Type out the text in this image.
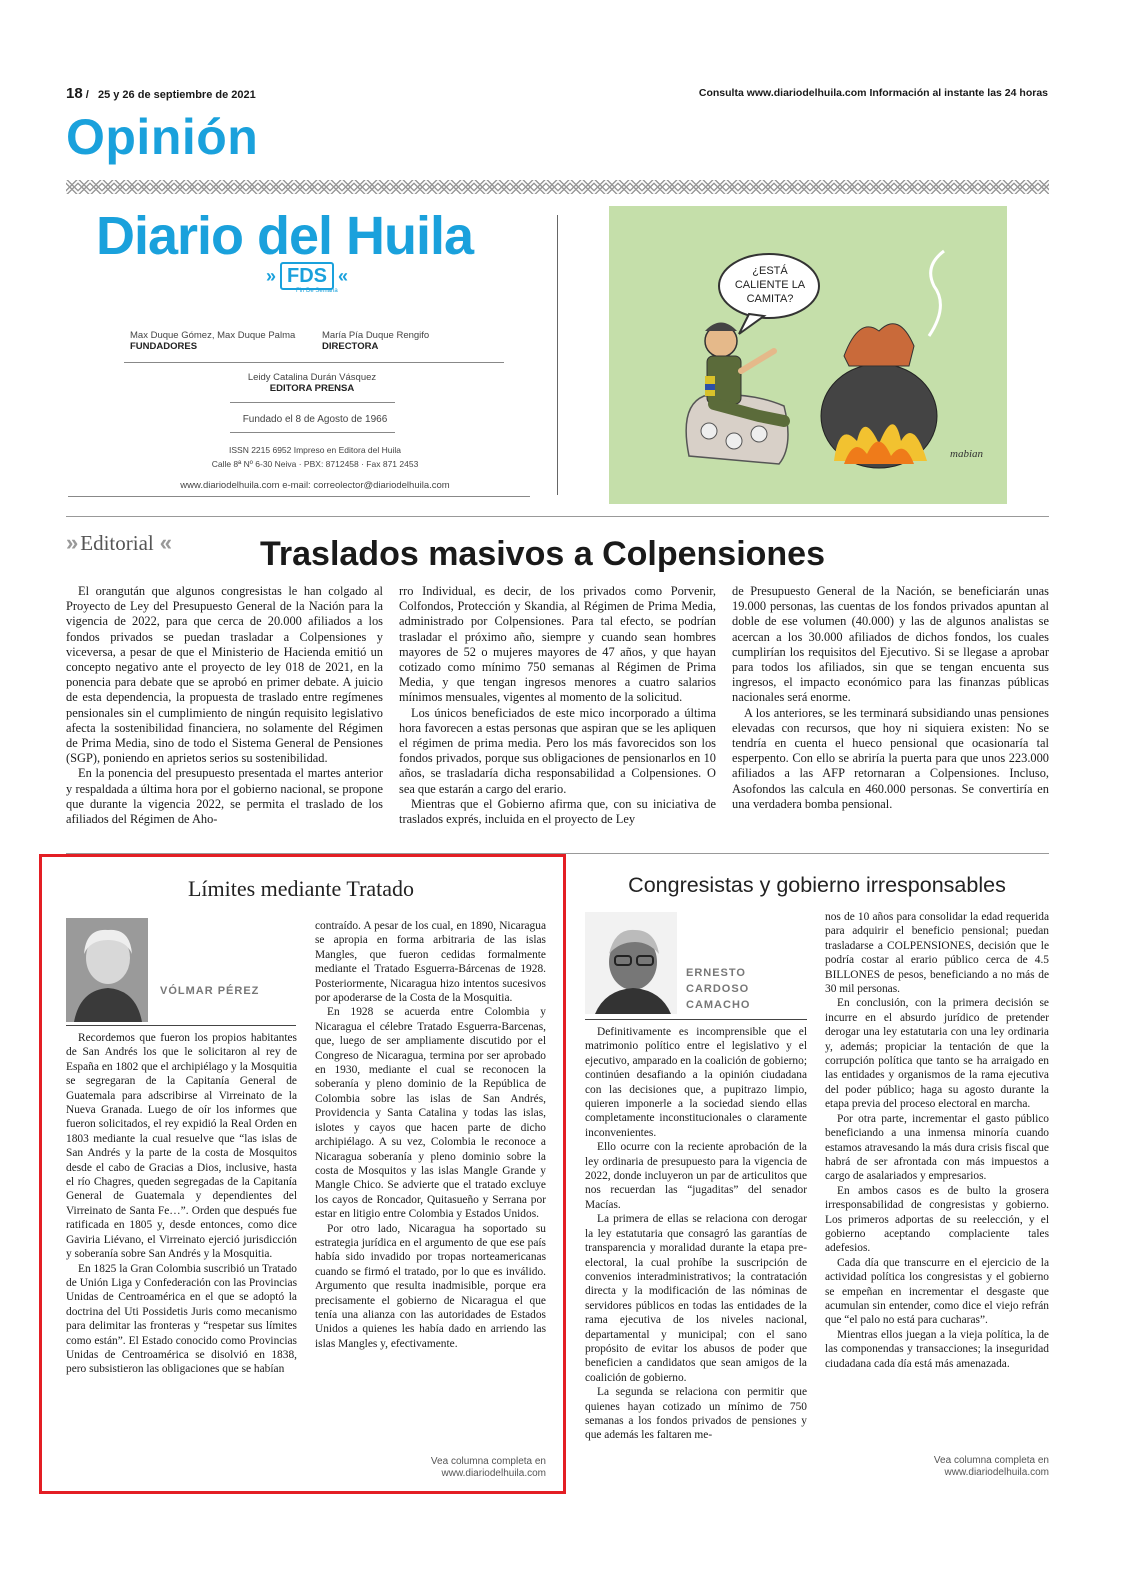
18 /   25 y 26 de septiembre de 2021	Consulta www.diariodelhuila.com Información al instante las 24 horas
Opinión
Diario del Huila
» FDS «
Fin De Semana
Max Duque Gómez, Max Duque Palma
FUNDADORES
María Pía Duque Rengifo
DIRECTORA
Leidy Catalina Durán Vásquez
EDITORA PRENSA
Fundado el 8 de Agosto de 1966
ISSN 2215 6952 Impreso en Editora del Huila
Calle 8ª Nº 6-30 Neiva · PBX: 8712458 · Fax 871 2453
www.diariodelhuila.com e-mail: correolector@diariodelhuila.com
¿ESTÁ CALIENTE LA CAMITA?
mabian
» Editorial «	Traslados masivos a Colpensiones

El orangután que algunos congresistas le han colgado al Proyecto de Ley del Presupuesto General de la Nación para la vigencia de 2022, para que cerca de 20.000 afiliados a los fondos privados se puedan trasladar a Colpensiones y viceversa, a pesar de que el Ministerio de Hacienda emitió un concepto negativo ante el proyecto de ley 018 de 2021, en la ponencia para debate que se aprobó en primer debate. A juicio de esta dependencia, la propuesta de traslado entre regímenes pensionales sin el cumplimiento de ningún requisito legislativo afecta la sostenibilidad financiera, no solamente del Régimen de Prima Media, sino de todo el Sistema General de Pensiones (SGP), poniendo en aprietos serios su sostenibilidad.

En la ponencia del presupuesto presentada el martes anterior y respaldada a última hora por el gobierno nacional, se propone que durante la vigencia 2022, se permita el traslado de los afiliados del Régimen de Aho-

rro Individual, es decir, de los privados como Porvenir, Colfondos, Protección y Skandia, al Régimen de Prima Media, administrado por Colpensiones. Para tal efecto, se podrían trasladar el próximo año, siempre y cuando sean hombres mayores de 52 o mujeres mayores de 47 años, y que hayan cotizado como mínimo 750 semanas al Régimen de Prima Media, y que tengan ingresos menores a cuatro salarios mínimos mensuales, vigentes al momento de la solicitud.

Los únicos beneficiados de este mico incorporado a última hora favorecen a estas personas que aspiran que se les apliquen el régimen de prima media. Pero los más favorecidos son los fondos privados, porque sus obligaciones de pensionarlos en 10 años, se trasladaría dicha responsabilidad a Colpensiones. O sea que estarán a cargo del erario.

Mientras que el Gobierno afirma que, con su iniciativa de traslados exprés, incluida en el proyecto de Ley

de Presupuesto General de la Nación, se beneficiarán unas 19.000 personas, las cuentas de los fondos privados apuntan al doble de ese volumen (40.000) y las de algunos analistas se acercan a los 30.000 afiliados de dichos fondos, los cuales cumplirían los requisitos del Ejecutivo. Si se llegase a aprobar para todos los afiliados, sin que se tengan encuenta sus ingresos, el impacto económico para las finanzas públicas nacionales será enorme.

A los anteriores, se les terminará subsidiando unas pensiones elevadas con recursos, que hoy ni siquiera existen: No se tendría en cuenta el hueco pensional que ocasionaría tal esperpento. Con ello se abriría la puerta para que unos 223.000 afiliados a las AFP retornaran a Colpensiones. Incluso, Asofondos las calcula en 460.000 personas. Se convertiría en una verdadera bomba pensional.

Límites mediante Tratado
VÓLMAR PÉREZ

Recordemos que fueron los propios habitantes de San Andrés los que le solicitaron al rey de España en 1802 que el archipiélago y la Mosquitia se segregaran de la Capitanía General de Guatemala para adscribirse al Virreinato de la Nueva Granada. Luego de oír los informes que fueron solicitados, el rey expidió la Real Orden en 1803 mediante la cual resuelve que “las islas de San Andrés y la parte de la costa de Mosquitos desde el cabo de Gracias a Dios, inclusive, hasta el río Chagres, queden segregadas de la Capitanía General de Guatemala y dependientes del Virreinato de Santa Fe…”. Orden que después fue ratificada en 1805 y, desde entonces, como dice Gaviria Liévano, el Virreinato ejerció jurisdicción y soberanía sobre San Andrés y la Mosquitia.

En 1825 la Gran Colombia suscribió un Tratado de Unión Liga y Confederación con las Provincias Unidas de Centroamérica en el que se adoptó la doctrina del Uti Possidetis Juris como mecanismo para delimitar las fronteras y “respetar sus límites como están”. El Estado conocido como Provincias Unidas de Centroamérica se disolvió en 1838, pero subsistieron las obligaciones que se habían

contraído. A pesar de los cual, en 1890, Nicaragua se apropia en forma arbitraria de las islas Mangles, que fueron cedidas formalmente mediante el Tratado Esguerra-Bárcenas de 1928. Posteriormente, Nicaragua hizo intentos sucesivos por apoderarse de la Costa de la Mosquitia.

En 1928 se acuerda entre Colombia y Nicaragua el célebre Tratado Esguerra-Barcenas, que, luego de ser ampliamente discutido por el Congreso de Nicaragua, termina por ser aprobado en 1930, mediante el cual se reconocen la soberanía y pleno dominio de la República de Colombia sobre las islas de San Andrés, Providencia y Santa Catalina y todas las islas, islotes y cayos que hacen parte de dicho archipiélago. A su vez, Colombia le reconoce a Nicaragua soberanía y pleno dominio sobre la costa de Mosquitos y las islas Mangle Grande y Mangle Chico. Se advierte que el tratado excluye los cayos de Roncador, Quitasueño y Serrana por estar en litigio entre Colombia y Estados Unidos.

Por otro lado, Nicaragua ha soportado su estrategia jurídica en el argumento de que ese país había sido invadido por tropas norteamericanas cuando se firmó el tratado, por lo que es inválido. Argumento que resulta inadmisible, porque era precisamente el gobierno de Nicaragua el que tenía una alianza con las autoridades de Estados Unidos a quienes les había dado en arriendo las islas Mangles y, efectivamente.

Vea columna completa en
www.diariodelhuila.com
Congresistas y gobierno irresponsables
ERNESTO
CARDOSO
CAMACHO

Definitivamente es incomprensible que el matrimonio político entre el legislativo y el ejecutivo, amparado en la coalición de gobierno; continúen desafiando a la opinión ciudadana con las decisiones que, a pupitrazo limpio, quieren imponerle a la sociedad siendo ellas completamente inconstitucionales o claramente inconvenientes.

Ello ocurre con la reciente aprobación de la ley ordinaria de presupuesto para la vigencia de 2022, donde incluyeron un par de articulitos que nos recuerdan las “jugaditas” del senador Macías.

La primera de ellas se relaciona con derogar la ley estatutaria que consagró las garantías de transparencia y moralidad durante la etapa pre-electoral, la cual prohíbe la suscripción de convenios interadministrativos; la contratación directa y la modificación de las nóminas de servidores públicos en todas las entidades de la rama ejecutiva de los niveles nacional, departamental y municipal; con el sano propósito de evitar los abusos de poder que beneficien a candidatos que sean amigos de la coalición de gobierno.

La segunda se relaciona con permitir que quienes hayan cotizado un mínimo de 750 semanas a los fondos privados de pensiones y que además les faltaren me-

nos de 10 años para consolidar la edad requerida para adquirir el beneficio pensional; puedan trasladarse a COLPENSIONES, decisión que le podría costar al erario público cerca de 4.5 BILLONES de pesos, beneficiando a no más de 30 mil personas.

En conclusión, con la primera decisión se incurre en el absurdo jurídico de pretender derogar una ley estatutaria con una ley ordinaria y, además; propiciar la tentación de que la corrupción política que tanto se ha arraigado en las entidades y organismos de la rama ejecutiva del poder público; haga su agosto durante la etapa previa del proceso electoral en marcha.

Por otra parte, incrementar el gasto público beneficiando a una inmensa minoría cuando estamos atravesando la más dura crisis fiscal que habrá de ser afrontada con más impuestos a cargo de asalariados y empresarios.

En ambos casos es de bulto la grosera irresponsabilidad de congresistas y gobierno. Los primeros adportas de su reelección, y el gobierno aceptando complaciente tales adefesios.

Cada día que transcurre en el ejercicio de la actividad política los congresistas y el gobierno se empeñan en incrementar el desgaste que acumulan sin entender, como dice el viejo refrán que “el palo no está para cucharas”.

Mientras ellos juegan a la vieja política, la de las componendas y transacciones; la inseguridad ciudadana cada día está más amenazada.

Vea columna completa en
www.diariodelhuila.com
